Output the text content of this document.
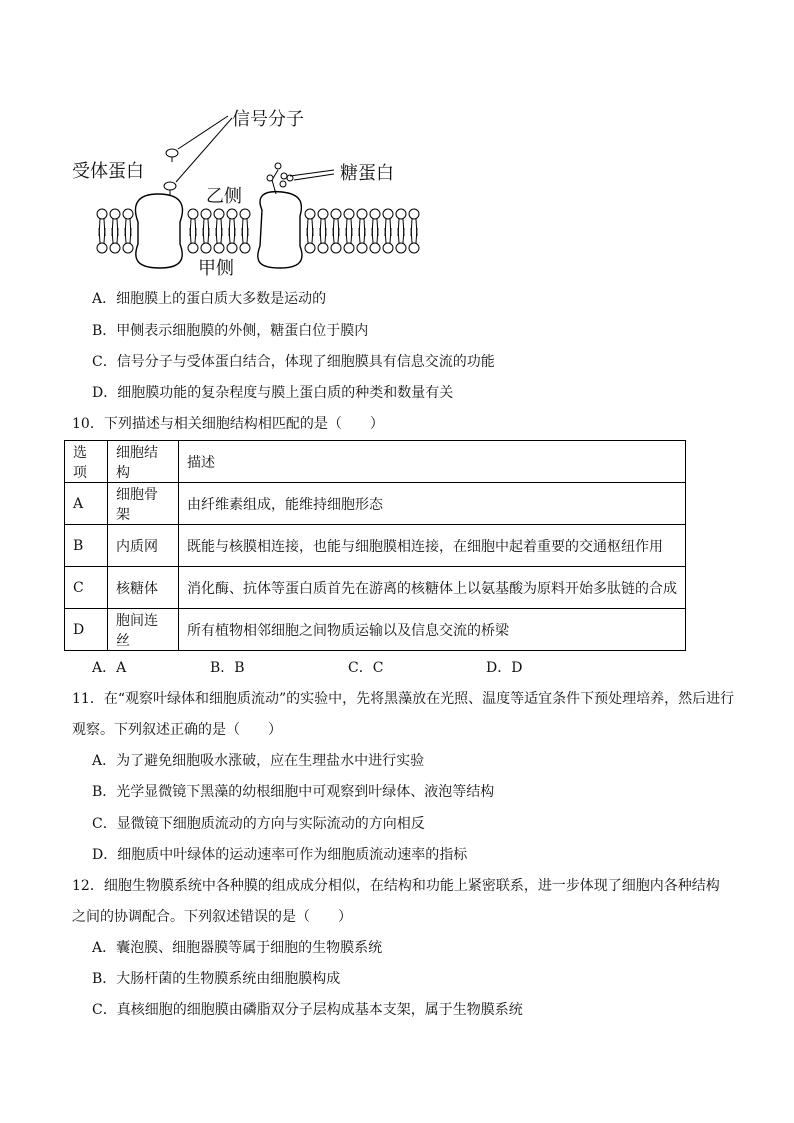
信号分子
受体蛋白	糖蛋白
乙侧
甲侧
A．细胞膜上的蛋白质大多数是运动的
B．甲侧表示细胞膜的外侧，糖蛋白位于膜内
C．信号分子与受体蛋白结合，体现了细胞膜具有信息交流的功能
D．细胞膜功能的复杂程度与膜上蛋白质的种类和数量有关
10．下列描述与相关细胞结构相匹配的是（　　）
选项	细胞结构	描述
A	细胞骨架	由纤维素组成，能维持细胞形态
B	内质网	既能与核膜相连接，也能与细胞膜相连接，在细胞中起着重要的交通枢纽作用
C	核糖体	消化酶、抗体等蛋白质首先在游离的核糖体上以氨基酸为原料开始多肽链的合成
D	胞间连丝	所有植物相邻细胞之间物质运输以及信息交流的桥梁
A．A	B．B	C．C	D．D
11．在“观察叶绿体和细胞质流动”的实验中，先将黑藻放在光照、温度等适宜条件下预处理培养，然后进行
观察。下列叙述正确的是（　　）
A．为了避免细胞吸水涨破，应在生理盐水中进行实验
B．光学显微镜下黑藻的幼根细胞中可观察到叶绿体、液泡等结构
C．显微镜下细胞质流动的方向与实际流动的方向相反
D．细胞质中叶绿体的运动速率可作为细胞质流动速率的指标
12．细胞生物膜系统中各种膜的组成成分相似，在结构和功能上紧密联系，进一步体现了细胞内各种结构
之间的协调配合。下列叙述错误的是（　　）
A．囊泡膜、细胞器膜等属于细胞的生物膜系统
B．大肠杆菌的生物膜系统由细胞膜构成
C．真核细胞的细胞膜由磷脂双分子层构成基本支架，属于生物膜系统
